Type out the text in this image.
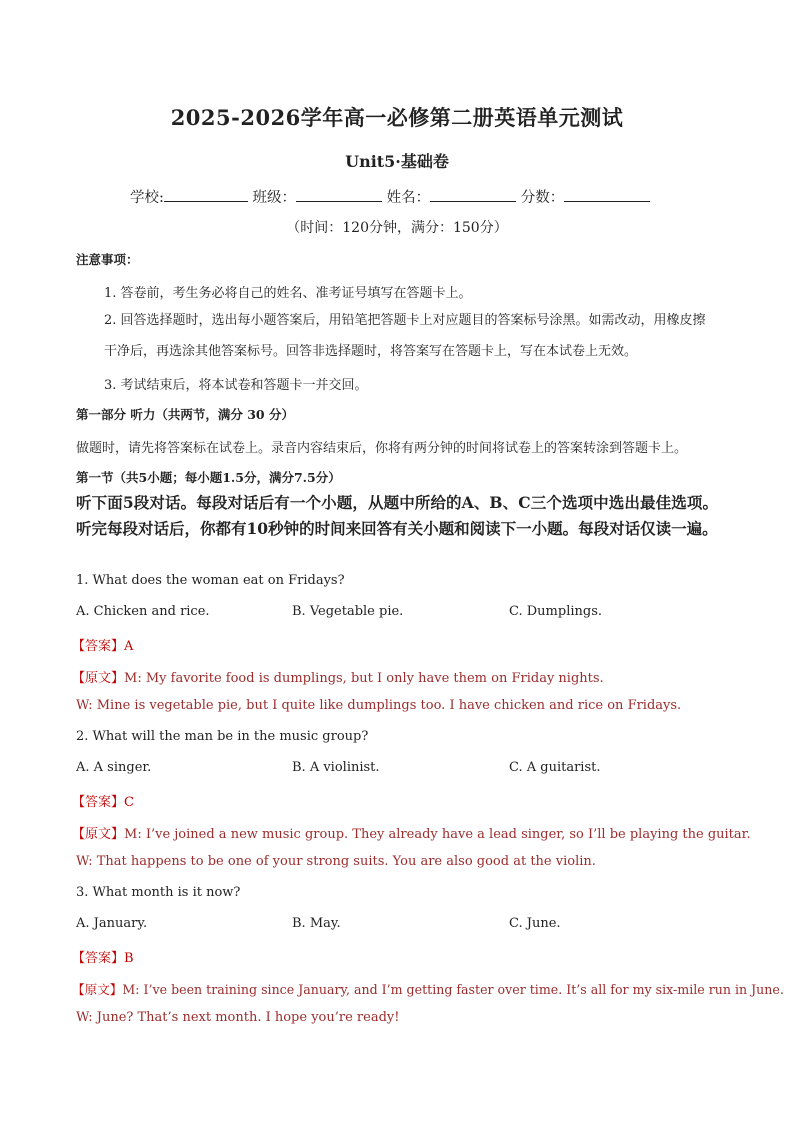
2025-2026学年高一必修第二册英语单元测试
Unit5·基础卷
学校:	班级：	姓名：	分数：
（时间：120分钟，满分：150分）
注意事项：
1. 答卷前，考生务必将自己的姓名、准考证号填写在答题卡上。
2. 回答选择题时，选出每小题答案后，用铅笔把答题卡上对应题目的答案标号涂黑。如需改动，用橡皮擦干净后，再选涂其他答案标号。回答非选择题时，将答案写在答题卡上，写在本试卷上无效。
3. 考试结束后，将本试卷和答题卡一并交回。
第一部分 听力（共两节，满分 30 分）
做题时，请先将答案标在试卷上。录音内容结束后，你将有两分钟的时间将试卷上的答案转涂到答题卡上。
第一节（共5小题；每小题1.5分，满分7.5分）
听下面5段对话。每段对话后有一个小题，从题中所给的A、B、C三个选项中选出最佳选项。听完每段对话后，你都有10秒钟的时间来回答有关小题和阅读下一小题。每段对话仅读一遍。
1. What does the woman eat on Fridays?
A. Chicken and rice.	B. Vegetable pie.	C. Dumplings.
【答案】A
【原文】M: My favorite food is dumplings, but I only have them on Friday nights.
W: Mine is vegetable pie, but I quite like dumplings too. I have chicken and rice on Fridays.
2. What will the man be in the music group?
A. A singer.	B. A violinist.	C. A guitarist.
【答案】C
【原文】M: I’ve joined a new music group. They already have a lead singer, so I’ll be playing the guitar.
W: That happens to be one of your strong suits. You are also good at the violin.
3. What month is it now?
A. January.	B. May.	C. June.
【答案】B
【原文】M: I’ve been training since January, and I’m getting faster over time. It’s all for my six-mile run in June.
W: June? That’s next month. I hope you’re ready!
